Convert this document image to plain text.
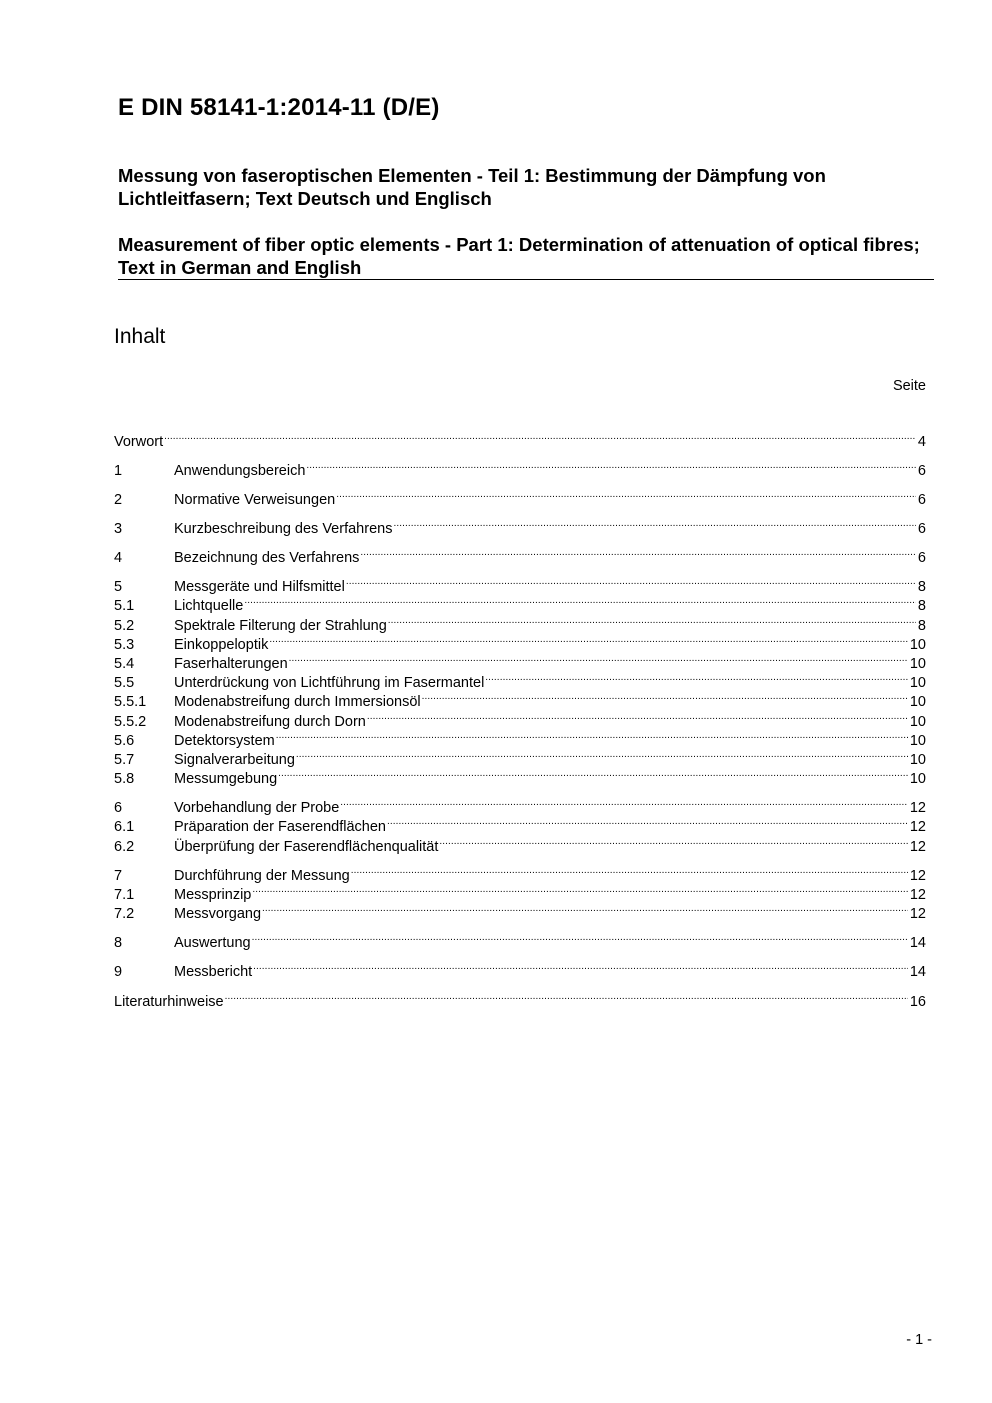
E DIN 58141-1:2014-11 (D/E)

Messung von faseroptischen Elementen - Teil 1: Bestimmung der Dämpfung von Lichtleitfasern; Text Deutsch und Englisch

Measurement of fiber optic elements - Part 1: Determination of attenuation of optical fibres; Text in German and English

Inhalt
Seite
Vorwort .....	4
1	Anwendungsbereich .....	6
2	Normative Verweisungen .....	6
3	Kurzbeschreibung des Verfahrens .....	6
4	Bezeichnung des Verfahrens .....	6
5	Messgeräte und Hilfsmittel .....	8
5.1	Lichtquelle .....	8
5.2	Spektrale Filterung der Strahlung .....	8
5.3	Einkoppeloptik .....	10
5.4	Faserhalterungen .....	10
5.5	Unterdrückung von Lichtführung im Fasermantel .....	10
5.5.1	Modenabstreifung durch Immersionsöl .....	10
5.5.2	Modenabstreifung durch Dorn .....	10
5.6	Detektorsystem .....	10
5.7	Signalverarbeitung .....	10
5.8	Messumgebung .....	10
6	Vorbehandlung der Probe .....	12
6.1	Präparation der Faserendflächen .....	12
6.2	Überprüfung der Faserendflächenqualität .....	12
7	Durchführung der Messung .....	12
7.1	Messprinzip .....	12
7.2	Messvorgang .....	12
8	Auswertung .....	14
9	Messbericht .....	14
Literaturhinweise .....	16
- 1 -
